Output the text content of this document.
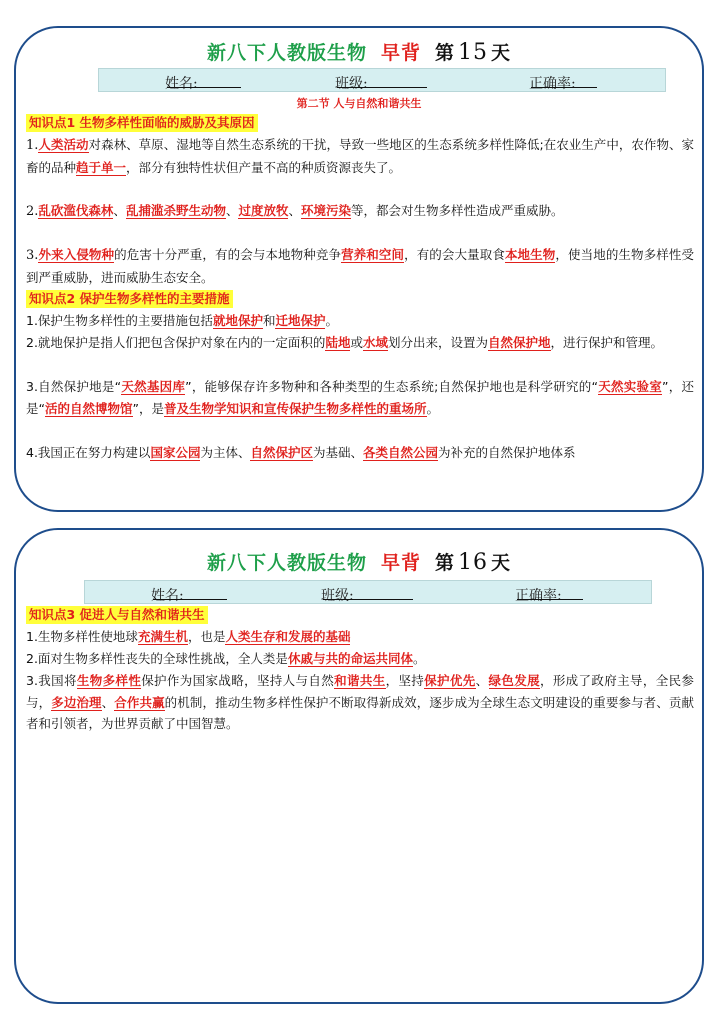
新八下人教版生物 早背 第 15 天
姓名:	班级:	正确率:
第二节 人与自然和谐共生
知识点1 生物多样性面临的威胁及其原因
1.人类活动对森林、草原、湿地等自然生态系统的干扰，导致一些地区的生态系统多样性降低;在农业生产中，农作物、家畜的品种趋于单一，部分有独特性状但产量不高的种质资源丧失了。
2.乱砍滥伐森林、乱捕滥杀野生动物、过度放牧、环境污染等，都会对生物多样性造成严重威胁。
3.外来入侵物种的危害十分严重，有的会与本地物种竞争营养和空间，有的会大量取食本地生物，使当地的生物多样性受到严重威胁，进而威胁生态安全。
知识点2 保护生物多样性的主要措施
1.保护生物多样性的主要措施包括就地保护和迁地保护。
2.就地保护是指人们把包含保护对象在内的一定面积的陆地或水域划分出来，设置为自然保护地，进行保护和管理。
3.自然保护地是“天然基因库”，能够保存许多物种和各种类型的生态系统;自然保护地也是科学研究的“天然实验室”，还是“活的自然博物馆”，是普及生物学知识和宣传保护生物多样性的重场所。
4.我国正在努力构建以国家公园为主体、自然保护区为基础、各类自然公园为补充的自然保护地体系
新八下人教版生物 早背 第 16 天
姓名:	班级:	正确率:
知识点3 促进人与自然和谐共生
1.生物多样性使地球充满生机，也是人类生存和发展的基础
2.面对生物多样性丧失的全球性挑战，全人类是休戚与共的命运共同体。
3.我国将生物多样性保护作为国家战略，坚持人与自然和谐共生，坚持保护优先、绿色发展，形成了政府主导，全民参与，多边治理、合作共赢的机制，推动生物多样性保护不断取得新成效，逐步成为全球生态文明建设的重要参与者、贡献者和引领者，为世界贡献了中国智慧。
